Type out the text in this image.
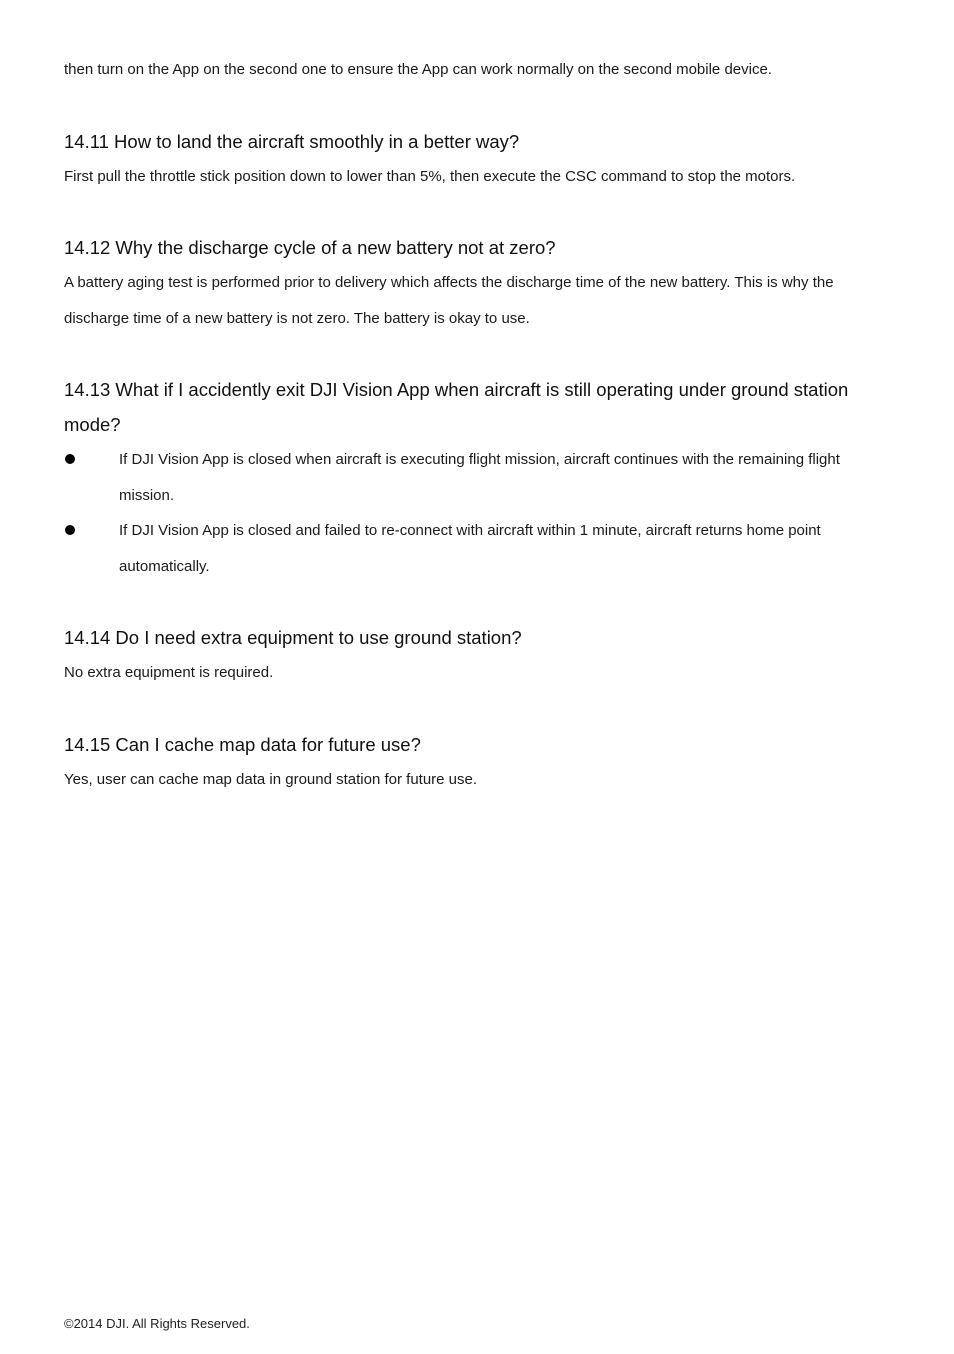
then turn on the App on the second one to ensure the App can work normally on the second mobile device.

14.11 How to land the aircraft smoothly in a better way?

First pull the throttle stick position down to lower than 5%, then execute the CSC command to stop the motors.

14.12 Why the discharge cycle of a new battery not at zero?

A battery aging test is performed prior to delivery which affects the discharge time of the new battery. This is why the discharge time of a new battery is not zero. The battery is okay to use.

14.13 What if I accidently exit DJI Vision App when aircraft is still operating under ground station mode?
If DJI Vision App is closed when aircraft is executing flight mission, aircraft continues with the remaining flight mission.
If DJI Vision App is closed and failed to re-connect with aircraft within 1 minute, aircraft returns home point automatically.
14.14 Do I need extra equipment to use ground station?

No extra equipment is required.

14.15 Can I cache map data for future use?

Yes, user can cache map data in ground station for future use.

©2014 DJI. All Rights Reserved.
